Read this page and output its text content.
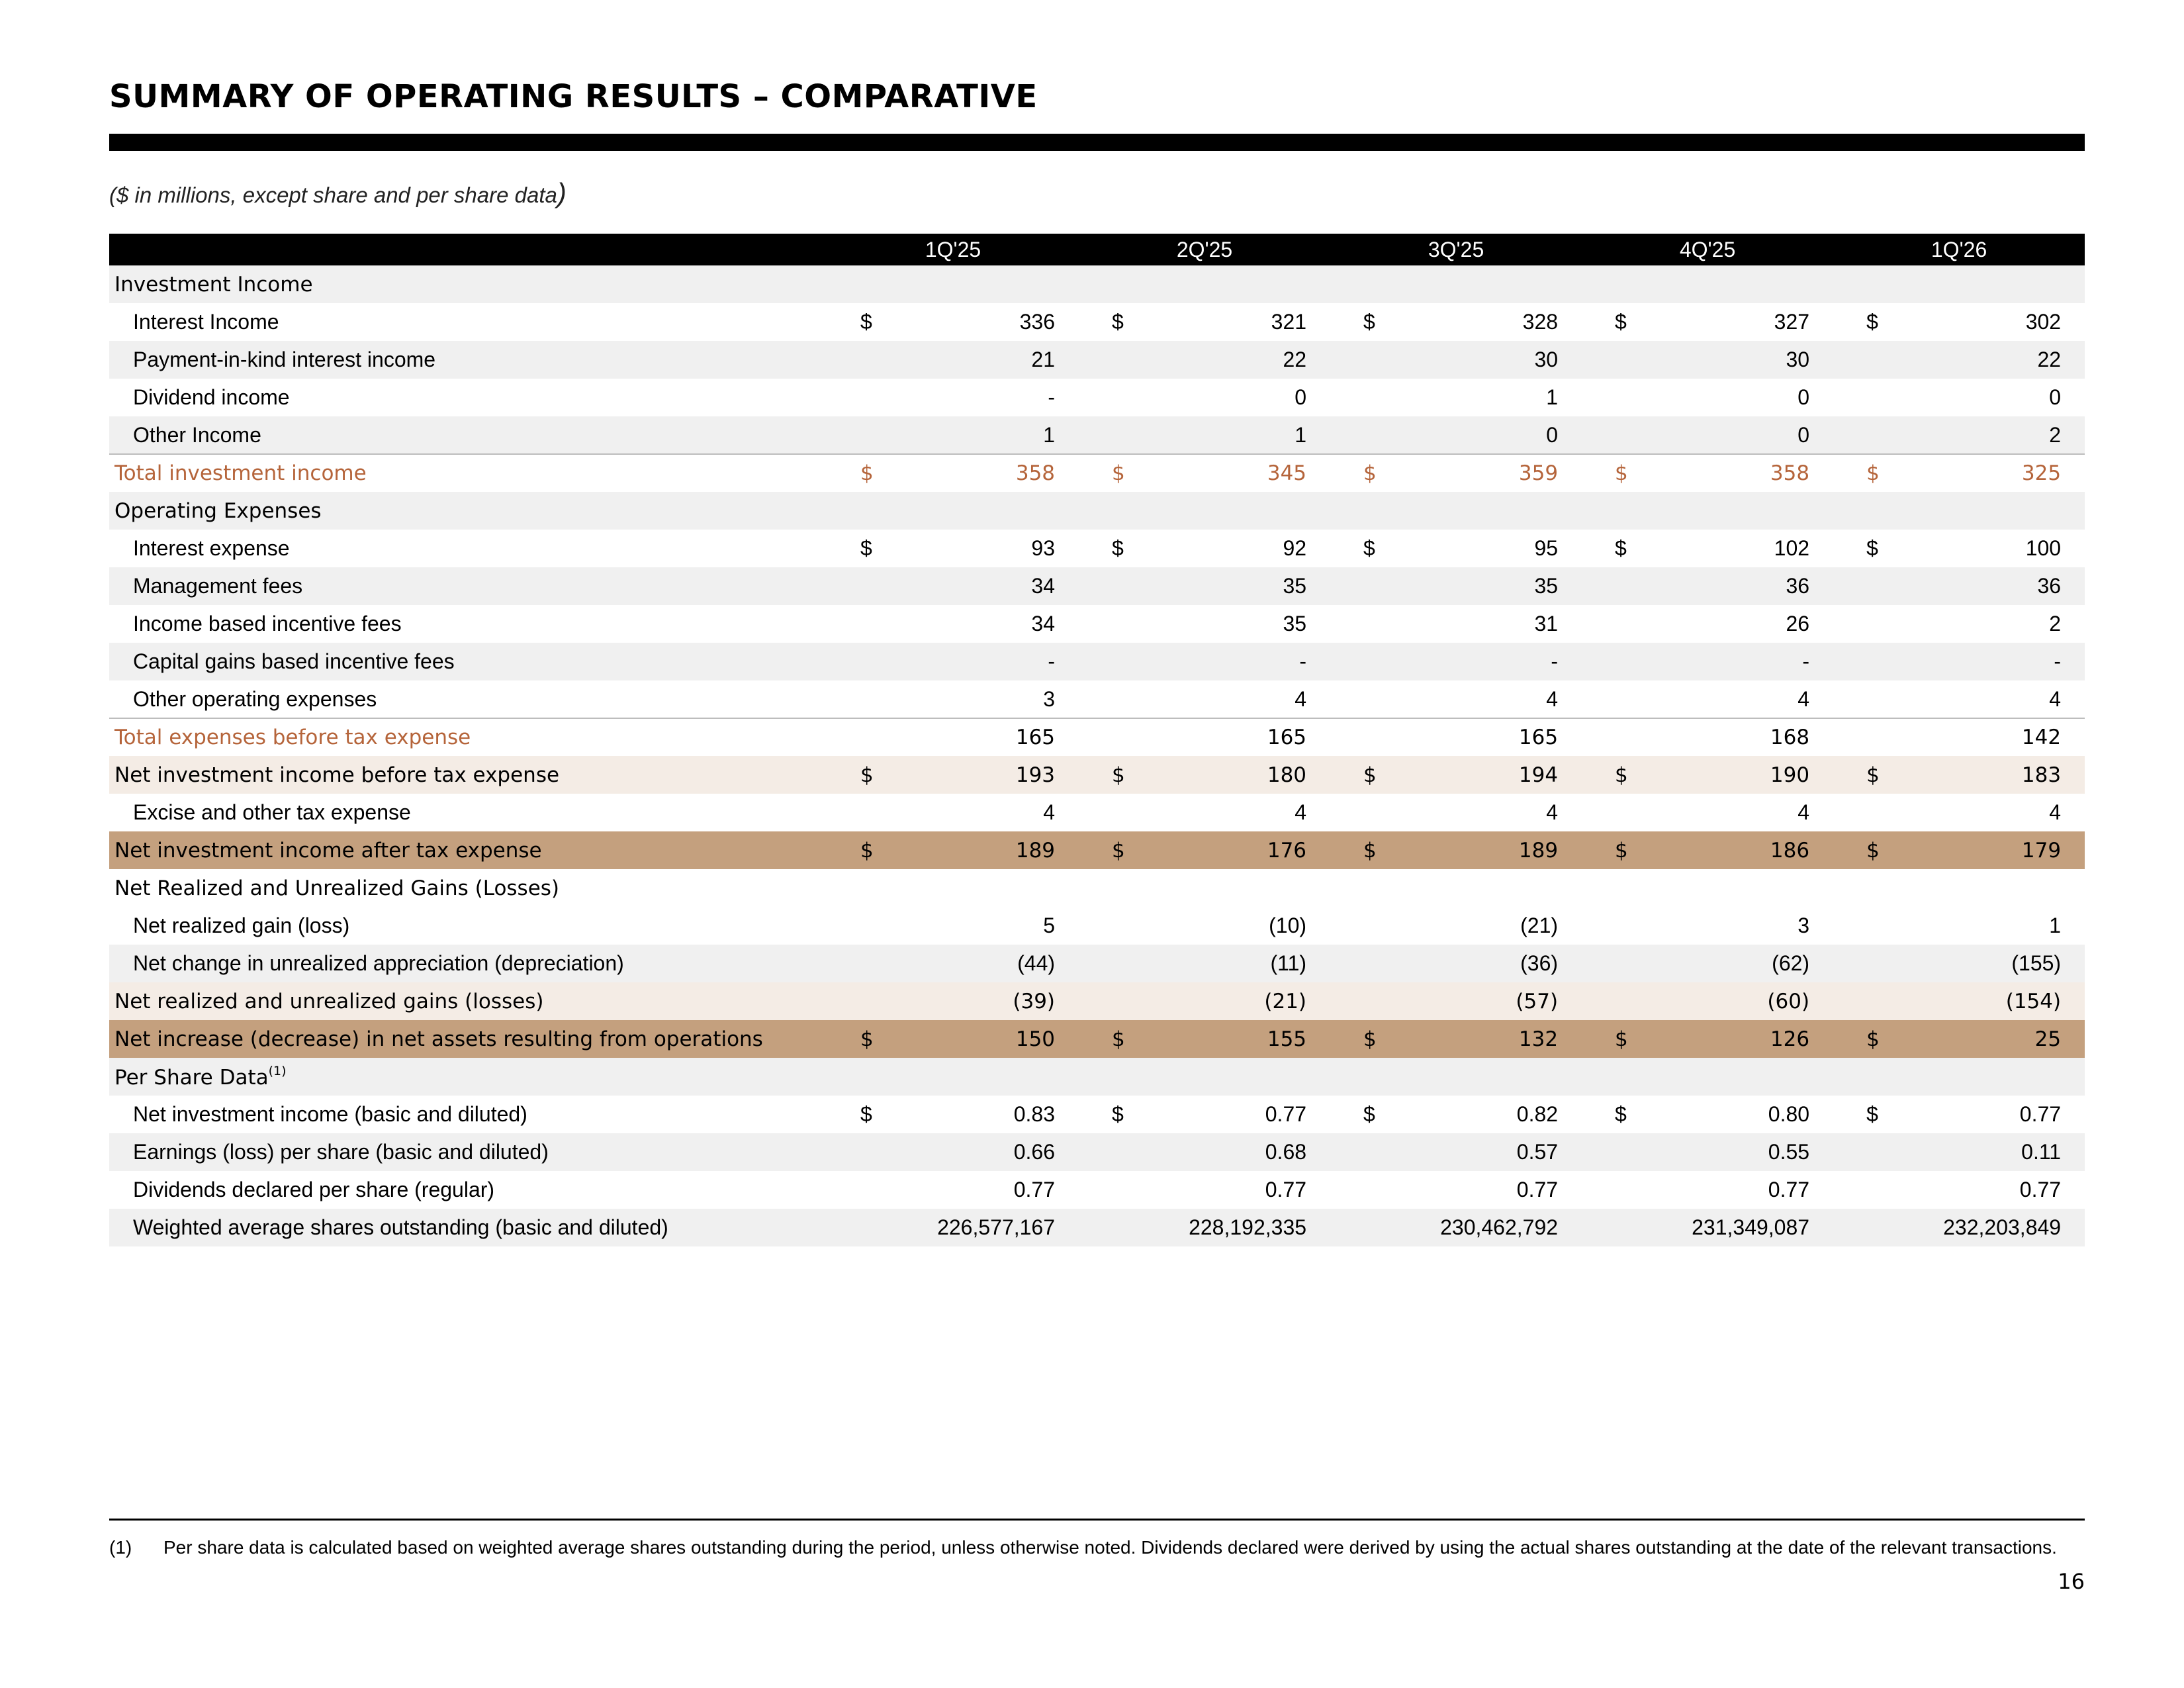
SUMMARY OF OPERATING RESULTS – COMPARATIVE

($ in millions, except share and per share data)

	1Q'25		2Q'25		3Q'25		4Q'25		1Q'26	
Investment Income										
Interest Income	$	336	$	321	$	328	$	327	$	302
Payment-in-kind interest income		21		22		30		30		22
Dividend income		-		0		1		0		0
Other Income		1		1		0		0		2
Total investment income	$	358	$	345	$	359	$	358	$	325
Operating Expenses										
Interest expense	$	93	$	92	$	95	$	102	$	100
Management fees		34		35		35		36		36
Income based incentive fees		34		35		31		26		2
Capital gains based incentive fees		-		-		-		-		-
Other operating expenses		3		4		4		4		4
Total expenses before tax expense		165		165		165		168		142
Net investment income before tax expense	$	193	$	180	$	194	$	190	$	183
Excise and other tax expense		4		4		4		4		4
Net investment income after tax expense	$	189	$	176	$	189	$	186	$	179
Net Realized and Unrealized Gains (Losses)										
Net realized gain (loss)		5		(10)		(21)		3		1
Net change in unrealized appreciation (depreciation)		(44)		(11)		(36)		(62)		(155)
Net realized and unrealized gains (losses)		(39)		(21)		(57)		(60)		(154)
Net increase (decrease) in net assets resulting from operations	$	150	$	155	$	132	$	126	$	25
Per Share Data$^{(1)}$
Net investment income (basic and diluted)	$	0.83	$	0.77	$	0.82	$	0.80	$	0.77
Earnings (loss) per share (basic and diluted)		0.66		0.68		0.57		0.55		0.11
Dividends declared per share (regular)		0.77		0.77		0.77		0.77		0.77
Weighted average shares outstanding (basic and diluted)		226,577,167		228,192,335		230,462,792		231,349,087		232,203,849
(1) Per share data is calculated based on weighted average shares outstanding during the period, unless otherwise noted. Dividends declared were derived by using the actual shares outstanding at the date of the relevant transactions.
16
